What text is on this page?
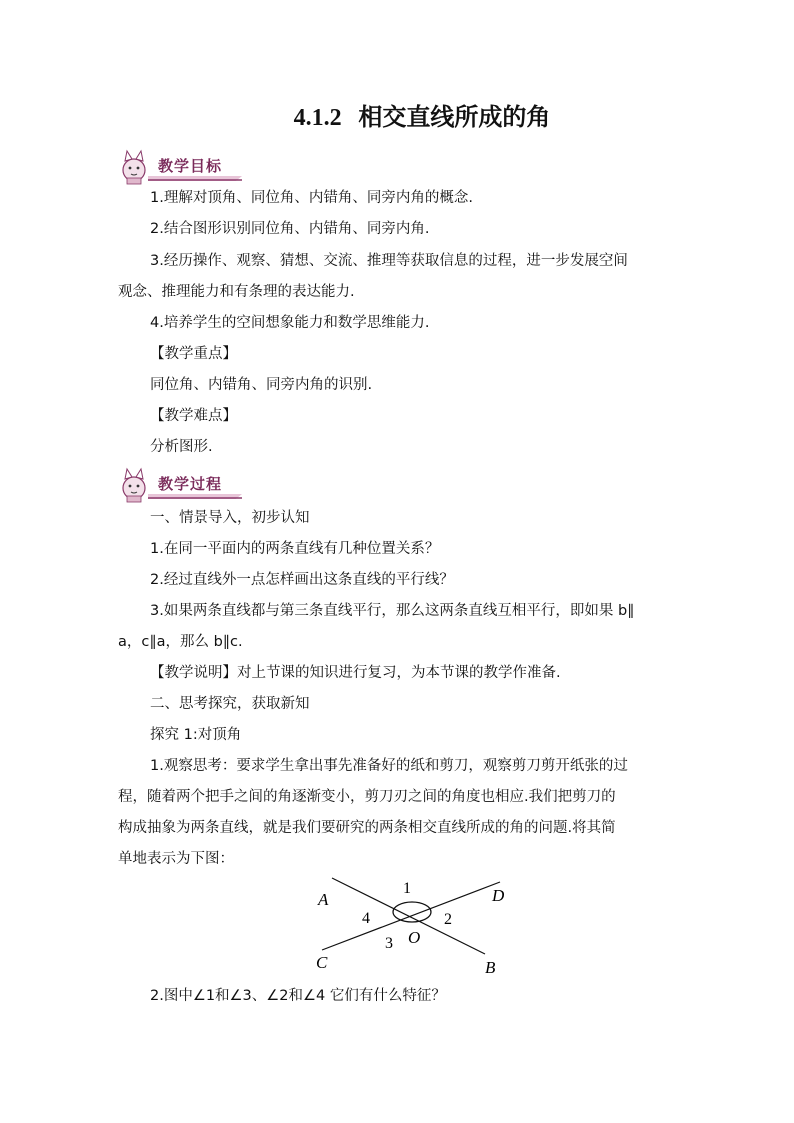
4.1.2 相交直线所成的角
教学目标
1.理解对顶角、同位角、内错角、同旁内角的概念.
2.结合图形识别同位角、内错角、同旁内角.
3.经历操作、观察、猜想、交流、推理等获取信息的过程，进一步发展空间
观念、推理能力和有条理的表达能力.
4.培养学生的空间想象能力和数学思维能力.
【教学重点】
同位角、内错角、同旁内角的识别.
【教学难点】
分析图形.
教学过程
一、情景导入，初步认知
1.在同一平面内的两条直线有几种位置关系？
2.经过直线外一点怎样画出这条直线的平行线？
3.如果两条直线都与第三条直线平行，那么这两条直线互相平行，即如果 b∥
a，c∥a，那么 b∥c.
【教学说明】对上节课的知识进行复习，为本节课的教学作准备.
二、思考探究，获取新知
探究 1:对顶角
1.观察思考：要求学生拿出事先准备好的纸和剪刀，观察剪刀剪开纸张的过
程，随着两个把手之间的角逐渐变小，剪刀刃之间的角度也相应.我们把剪刀的
构成抽象为两条直线，就是我们要研究的两条相交直线所成的角的问题.将其简
单地表示为下图：
A	D
C	B
O
1
2
3
4
2.图中∠1和∠3、∠2和∠4 它们有什么特征？
